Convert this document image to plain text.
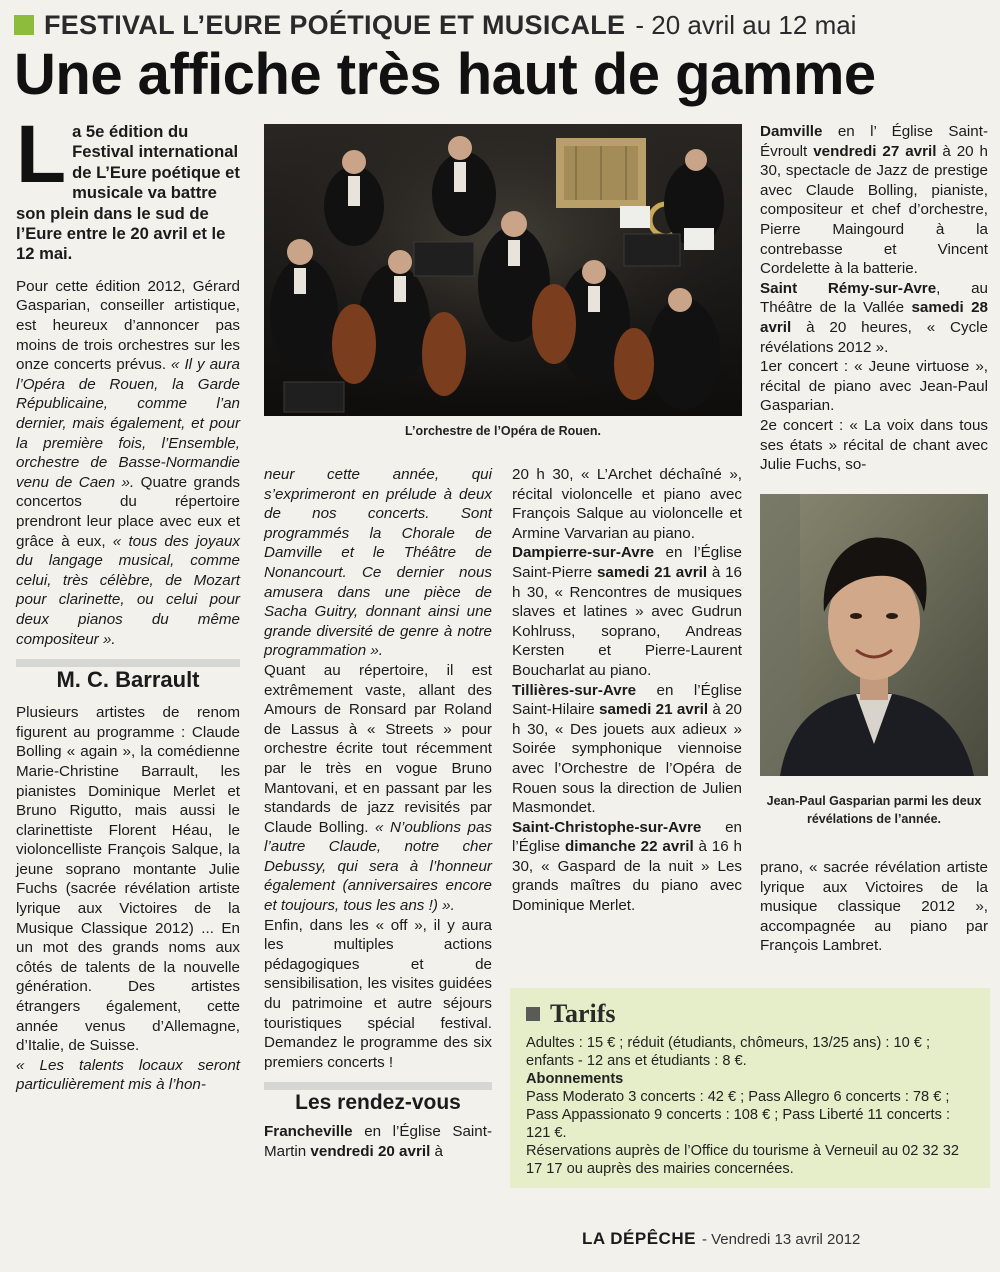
FESTIVAL L’EURE POÉTIQUE ET MUSICALE - 20 avril au 12 mai
Une affiche très haut de gamme

La 5e édition du Festival international de L’Eure poétique et musicale va battre son plein dans le sud de l’Eure entre le 20 avril et le 12 mai.

Pour cette édition 2012, Gérard Gasparian, conseiller artistique, est heureux d’annoncer pas moins de trois orchestres sur les onze concerts prévus. « Il y aura l’Opéra de Rouen, la Garde Républicaine, comme l’an dernier, mais également, et pour la première fois, l’Ensemble, orchestre de Basse-Normandie venu de Caen ». Quatre grands concertos du répertoire prendront leur place avec eux et grâce à eux, « tous des joyaux du langage musical, comme celui, très célèbre, de Mozart pour clarinette, ou celui pour deux pianos du même compositeur ».

M. C. Barrault

Plusieurs artistes de renom figurent au programme : Claude Bolling « again », la comédienne Marie-Christine Barrault, les pianistes Dominique Merlet et Bruno Rigutto, mais aussi le clarinettiste Florent Héau, le violoncelliste François Salque, la jeune soprano montante Julie Fuchs (sacrée révélation artiste lyrique aux Victoires de la Musique Classique 2012) ... En un mot des grands noms aux côtés de talents de la nouvelle génération. Des artistes étrangers également, cette année venus d’Allemagne, d’Italie, de Suisse.

« Les talents locaux seront particulièrement mis à l’hon-

L’orchestre de l’Opéra de Rouen.

neur cette année, qui s’exprimeront en prélude à deux de nos concerts. Sont programmés la Chorale de Damville et le Théâtre de Nonancourt. Ce dernier nous amusera dans une pièce de Sacha Guitry, donnant ainsi une grande diversité de genre à notre programmation ».

Quant au répertoire, il est extrêmement vaste, allant des Amours de Ronsard par Roland de Lassus à « Streets » pour orchestre écrite tout récemment par le très en vogue Bruno Mantovani, et en passant par les standards de jazz revisités par Claude Bolling. « N’oublions pas l’autre Claude, notre cher Debussy, qui sera à l’honneur également (anniversaires encore et toujours, tous les ans !) ».

Enfin, dans les « off », il y aura les multiples actions pédagogiques et de sensibilisation, les visites guidées du patrimoine et autre séjours touristiques spécial festival. Demandez le programme des six premiers concerts !

Les rendez-vous

Francheville en l’Église Saint-Martin vendredi 20 avril à

20 h 30, « L’Archet déchaîné », récital violoncelle et piano avec François Salque au violoncelle et Armine Varvarian au piano.

Dampierre-sur-Avre en l’Église Saint-Pierre samedi 21 avril à 16 h 30, « Rencontres de musiques slaves et latines » avec Gudrun Kohlruss, soprano, Andreas Kersten et Pierre-Laurent Boucharlat au piano.

Tillières-sur-Avre en l’Église Saint-Hilaire samedi 21 avril à 20 h 30, « Des jouets aux adieux » Soirée symphonique viennoise avec l’Orchestre de l’Opéra de Rouen sous la direction de Julien Masmondet.

Saint-Christophe-sur-Avre en l’Église dimanche 22 avril à 16 h 30, « Gaspard de la nuit » Les grands maîtres du piano avec Dominique Merlet.

Damville en l’ Église Saint-Évroult vendredi 27 avril à 20 h 30, spectacle de Jazz de prestige avec Claude Bolling, pianiste, compositeur et chef d’orchestre, Pierre Maingourd à la contrebasse et Vincent Cordelette à la batterie.

Saint Rémy-sur-Avre, au Théâtre de la Vallée samedi 28 avril à 20 heures, « Cycle révélations 2012 ».

1er concert : « Jeune virtuose », récital de piano avec Jean-Paul Gasparian.

2e concert : « La voix dans tous ses états » récital de chant avec Julie Fuchs, so-

Jean-Paul Gasparian parmi les deux révélations de l’année.

prano, « sacrée révélation artiste lyrique aux Victoires de la musique classique 2012 », accompagnée au piano par François Lambret.

Tarifs

Adultes : 15 € ; réduit (étudiants, chômeurs, 13/25 ans) : 10 € ; enfants - 12 ans et étudiants : 8 €.

Abonnements

Pass Moderato 3 concerts : 42 € ; Pass Allegro 6 concerts : 78 € ; Pass Appassionato 9 concerts : 108 € ; Pass Liberté 11 concerts : 121 €.

Réservations auprès de l’Office du tourisme à Verneuil au 02 32 32 17 17 ou auprès des mairies concernées.

LA DÉPÊCHE - Vendredi 13 avril 2012
